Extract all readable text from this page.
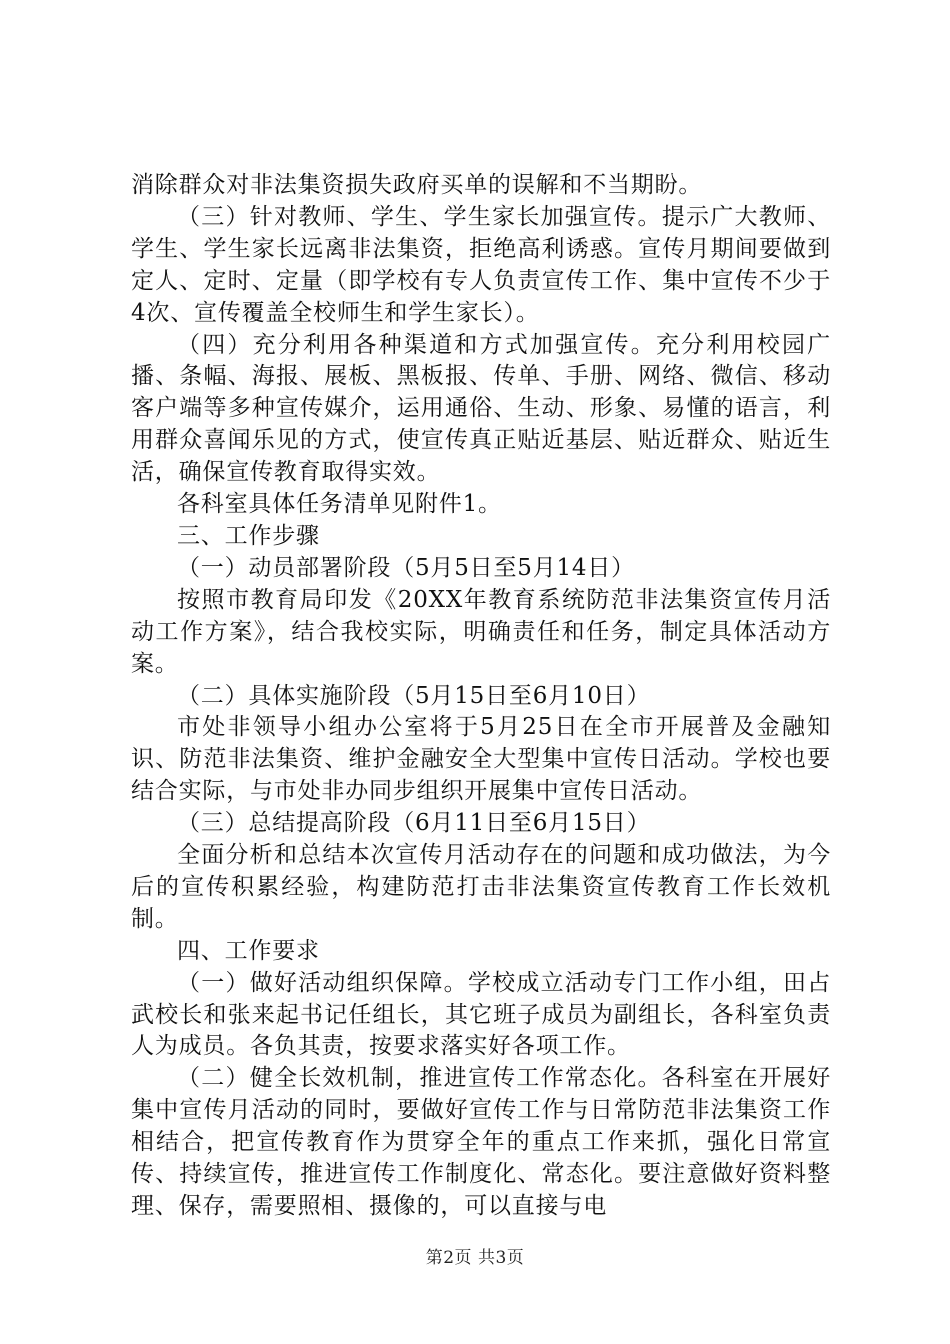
消除群众对非法集资损失政府买单的误解和不当期盼。

（三）针对教师、学生、学生家长加强宣传。提示广大教师、学生、学生家长远离非法集资，拒绝高利诱惑。宣传月期间要做到定人、定时、定量（即学校有专人负责宣传工作、集中宣传不少于4次、宣传覆盖全校师生和学生家长）。

（四）充分利用各种渠道和方式加强宣传。充分利用校园广播、条幅、海报、展板、黑板报、传单、手册、网络、微信、移动客户端等多种宣传媒介，运用通俗、生动、形象、易懂的语言，利用群众喜闻乐见的方式，使宣传真正贴近基层、贴近群众、贴近生活，确保宣传教育取得实效。

各科室具体任务清单见附件1。

三、工作步骤

（一）动员部署阶段（5月5日至5月14日）

按照市教育局印发《20XX年教育系统防范非法集资宣传月活动工作方案》，结合我校实际，明确责任和任务，制定具体活动方案。

（二）具体实施阶段（5月15日至6月10日）

市处非领导小组办公室将于5月25日在全市开展普及金融知识、防范非法集资、维护金融安全大型集中宣传日活动。学校也要结合实际，与市处非办同步组织开展集中宣传日活动。

（三）总结提高阶段（6月11日至6月15日）

全面分析和总结本次宣传月活动存在的问题和成功做法，为今后的宣传积累经验，构建防范打击非法集资宣传教育工作长效机制。

四、工作要求

（一）做好活动组织保障。学校成立活动专门工作小组，田占武校长和张来起书记任组长，其它班子成员为副组长，各科室负责人为成员。各负其责，按要求落实好各项工作。

（二）健全长效机制，推进宣传工作常态化。各科室在开展好集中宣传月活动的同时，要做好宣传工作与日常防范非法集资工作相结合，把宣传教育作为贯穿全年的重点工作来抓，强化日常宣传、持续宣传，推进宣传工作制度化、常态化。要注意做好资料整理、保存，需要照相、摄像的，可以直接与电

第2页 共3页
